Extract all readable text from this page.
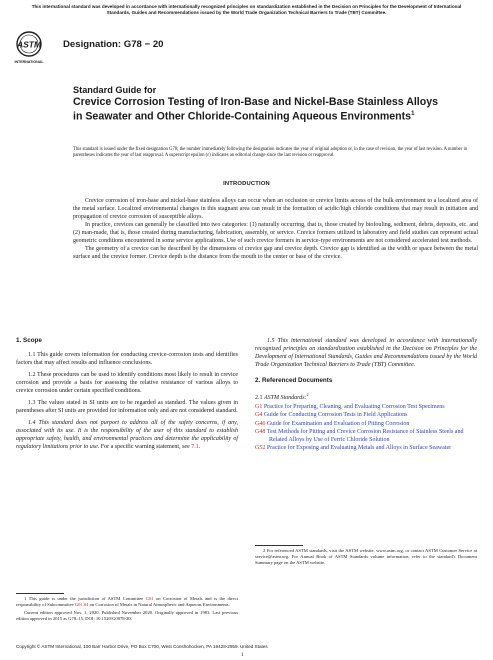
This international standard was developed in accordance with internationally recognized principles on standardization established in the Decision on Principles for the Development of International Standards, Guides and Recommendations issued by the World Trade Organization Technical Barriers to Trade (TBT) Committee.
ASTM
INTERNATIONAL
Designation: G78 − 20
Standard Guide for
Crevice Corrosion Testing of Iron-Base and Nickel-Base Stainless Alloys in Seawater and Other Chloride-Containing Aqueous Environments$^1$
This standard is issued under the fixed designation G78; the number immediately following the designation indicates the year of original adoption or, in the case of revision, the year of last revision. A number in parentheses indicates the year of last reapproval. A superscript epsilon (ε) indicates an editorial change since the last revision or reapproval.
INTRODUCTION

Crevice corrosion of iron-base and nickel-base stainless alloys can occur when an occlusion or crevice limits access of the bulk environment to a localized area of the metal surface. Localized environmental changes in this stagnant area can result in the formation of acidic/high chloride conditions that may result in initiation and propagation of crevice corrosion of susceptible alloys.

In practice, crevices can generally be classified into two categories: (1) naturally occurring, that is, those created by biofouling, sediment, debris, deposits, etc. and (2) man-made, that is, those created during manufacturing, fabrication, assembly, or service. Crevice formers utilized in laboratory and field studies can represent actual geometric conditions encountered in some service applications. Use of such crevice formers in service-type environments are not considered accelerated test methods.

The geometry of a crevice can be described by the dimensions of crevice gap and crevice depth. Crevice gap is identified as the width or space between the metal surface and the crevice former. Crevice depth is the distance from the mouth to the center or base of the crevice.

1. Scope

1.1 This guide covers information for conducting crevice-corrosion tests and identifies factors that may affect results and influence conclusions.

1.2 These procedures can be used to identify conditions most likely to result in crevice corrosion and provide a basis for assessing the relative resistance of various alloys to crevice corrosion under certain specified conditions.

1.3 The values stated in SI units are to be regarded as standard. The values given in parentheses after SI units are provided for information only and are not considered standard.

1.4 This standard does not purport to address all of the safety concerns, if any, associated with its use. It is the responsibility of the user of this standard to establish appropriate safety, health, and environmental practices and determine the applicability of regulatory limitations prior to use. For a specific warning statement, see 7.1.

1 This guide is under the jurisdiction of ASTM Committee G01 on Corrosion of Metals and is the direct responsibility of Subcommittee G01.04 on Corrosion of Metals in Natural Atmospheric and Aqueous Environments.

Current edition approved Nov. 1, 2020. Published November 2020. Originally approved in 1983. Last previous edition approved in 2015 as G78–15. DOI: 10.1520/G0078-20.

1.5 This international standard was developed in accordance with internationally recognized principles on standardization established in the Decision on Principles for the Development of International Standards, Guides and Recommendations issued by the World Trade Organization Technical Barriers to Trade (TBT) Committee.

2. Referenced Documents
2.1 ASTM Standards:$^2$
G1 Practice for Preparing, Cleaning, and Evaluating Corrosion Test Specimens
G4 Guide for Conducting Corrosion Tests in Field Applications
G46 Guide for Examination and Evaluation of Pitting Corrosion
G48 Test Methods for Pitting and Crevice Corrosion Resistance of Stainless Steels and Related Alloys by Use of Ferric Chloride Solution
G52 Practice for Exposing and Evaluating Metals and Alloys in Surface Seawater

2 For referenced ASTM standards, visit the ASTM website, www.astm.org, or contact ASTM Customer Service at service@astm.org. For Annual Book of ASTM Standards volume information, refer to the standard's Document Summary page on the ASTM website.

Copyright © ASTM International, 100 Barr Harbor Drive, PO Box C700, West Conshohocken, PA 19428-2959. United States
1
